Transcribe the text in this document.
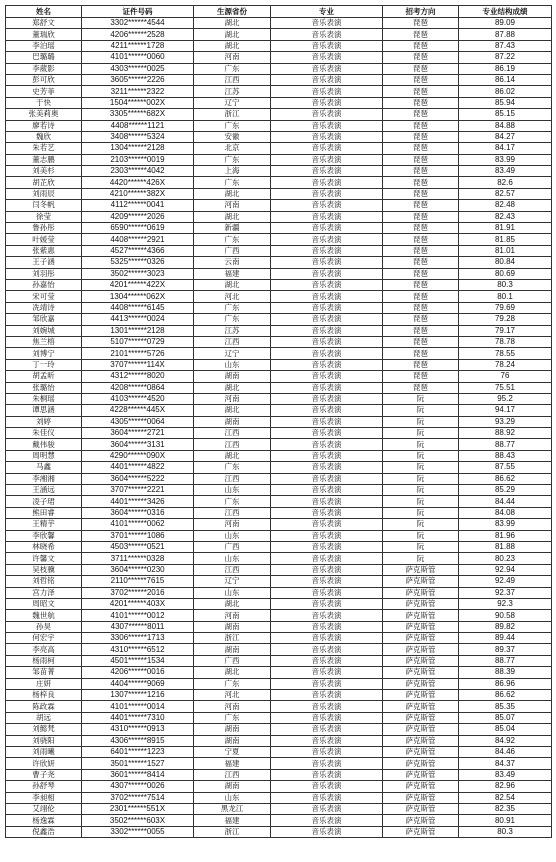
姓名	证件号码	生源省份	专业	招考方向	专业结构成绩
郑舒文	3302******4544	湖北	音乐表演	琵琶	89.09
董瑞欣	4206******2528	湖北	音乐表演	琵琶	87.88
李泊瑶	4211******1728	湖北	音乐表演	琵琶	87.43
巴璐璐	4101******0060	河南	音乐表演	琵琶	87.22
李葳影	4303******0025	广东	音乐表演	琵琶	86.19
彭可欣	3605******2226	江西	音乐表演	琵琶	86.14
史芳菲	3211******2322	江苏	音乐表演	琵琶	86.02
于快	1504******002X	辽宁	音乐表演	琵琶	85.94
张美莉奥	3305******682X	浙江	音乐表演	琵琶	85.15
廖若诗	4408******1121	广东	音乐表演	琵琶	84.88
魏欣	3408******5324	安徽	音乐表演	琵琶	84.27
朱若艺	1304******2128	北京	音乐表演	琵琶	84.17
董志鹏	2103******0019	广东	音乐表演	琵琶	83.99
刘美杉	2303******4042	上海	音乐表演	琵琶	83.49
胡芷欣	4420******426X	广东	音乐表演	琵琶	82.6
刘雨辰	4210******382X	湖北	音乐表演	琵琶	82.57
闫冬帆	4112******0041	河南	音乐表演	琵琶	82.48
徐莹	4209******2026	湖北	音乐表演	琵琶	82.43
鲁孙彤	6590******0619	新疆	音乐表演	琵琶	81.91
叶媛莹	4408******2921	广东	音乐表演	琵琶	81.85
张紫惠	4527******4366	广西	音乐表演	琵琶	81.01
王子涵	5325******0326	云南	音乐表演	琵琶	80.84
刘羽彤	3502******3023	福建	音乐表演	琵琶	80.69
孙嘉怡	4201******422X	湖北	音乐表演	琵琶	80.3
宋可莹	1304******062X	河北	音乐表演	琵琶	80.1
冼靖诗	4408******6145	广东	音乐表演	琵琶	79.69
邹欣嘉	4413******0024	广东	音乐表演	琵琶	79.28
刘婉城	1301******2128	江苏	音乐表演	琵琶	79.17
焦兰榕	5107******0729	江西	音乐表演	琵琶	78.78
刘博宁	2101******5726	辽宁	音乐表演	琵琶	78.55
丁一玲	3707******114X	山东	音乐表演	琵琶	78.24
胡孟昕	4312******8020	湖南	音乐表演	琵琶	76
张璐怡	4208******0864	湖北	音乐表演	琵琶	75.51
朱桐瑶	4103******4520	河南	音乐表演	阮	95.2
谭思涵	4228******445X	湖北	音乐表演	阮	94.17
刘婷	4305******0064	湖南	音乐表演	阮	93.29
朱佳仪	3604******2721	江西	音乐表演	阮	88.92
戴伟骏	3604******3131	江西	音乐表演	阮	88.77
周明慧	4290******090X	湖北	音乐表演	阮	88.43
马鑫	4401******4822	广东	音乐表演	阮	87.55
李湘湘	3604******5222	江西	音乐表演	阮	86.62
王涵远	3707******2221	山东	音乐表演	阮	85.29
凌子珺	4401******3426	广东	音乐表演	阮	84.44
熊田睿	3604******0316	江西	音乐表演	阮	84.08
王精芋	4101******0062	河南	音乐表演	阮	83.99
李欣馨	3701******1086	山东	音乐表演	阮	81.96
林晓希	4503******0521	广西	音乐表演	阮	81.88
许馨文	3711******0328	山东	音乐表演	阮	80.23
吴枝骥	3604******0230	江西	音乐表演	萨克斯管	92.94
刘哲铭	2110******7615	辽宁	音乐表演	萨克斯管	92.49
宫力泽	3702******2016	山东	音乐表演	萨克斯管	92.37
周昭文	4201******403X	湖北	音乐表演	萨克斯管	92.3
魏世航	4101******0012	河南	音乐表演	萨克斯管	90.58
孙昊	4307******8011	湖南	音乐表演	萨克斯管	89.82
何宏宇	3306******1713	浙江	音乐表演	萨克斯管	89.44
李亮高	4310******6512	湖南	音乐表演	萨克斯管	89.37
杨雨柯	4501******1534	广西	音乐表演	萨克斯管	88.77
邹苗菁	4206******0016	湖北	音乐表演	萨克斯管	88.39
庄妍	4404******9069	广东	音乐表演	萨克斯管	86.96
杨梓良	1307******1216	河北	音乐表演	萨克斯管	86.62
陈政霖	4101******0014	河南	音乐表演	萨克斯管	85.35
胡远	4401******7310	广东	音乐表演	萨克斯管	85.07
刘懿梵	4310******0913	湖南	音乐表演	萨克斯管	85.04
刘骁阳	4306******8915	湖南	音乐表演	萨克斯管	84.92
刘雨曦	6401******1223	宁夏	音乐表演	萨克斯管	84.46
许欣妍	3501******1527	福建	音乐表演	萨克斯管	84.37
曹子尧	3601******8414	江西	音乐表演	萨克斯管	83.49
孙舒琴	4307******0026	湖南	音乐表演	萨克斯管	82.96
李昶相	3702******7514	山东	音乐表演	萨克斯管	82.54
艾翊伦	2301******551X	黑龙江	音乐表演	萨克斯管	82.35
杨逸霖	3502******603X	福建	音乐表演	萨克斯管	80.91
倪鑫浩	3302******0055	浙江	音乐表演	萨克斯管	80.3
